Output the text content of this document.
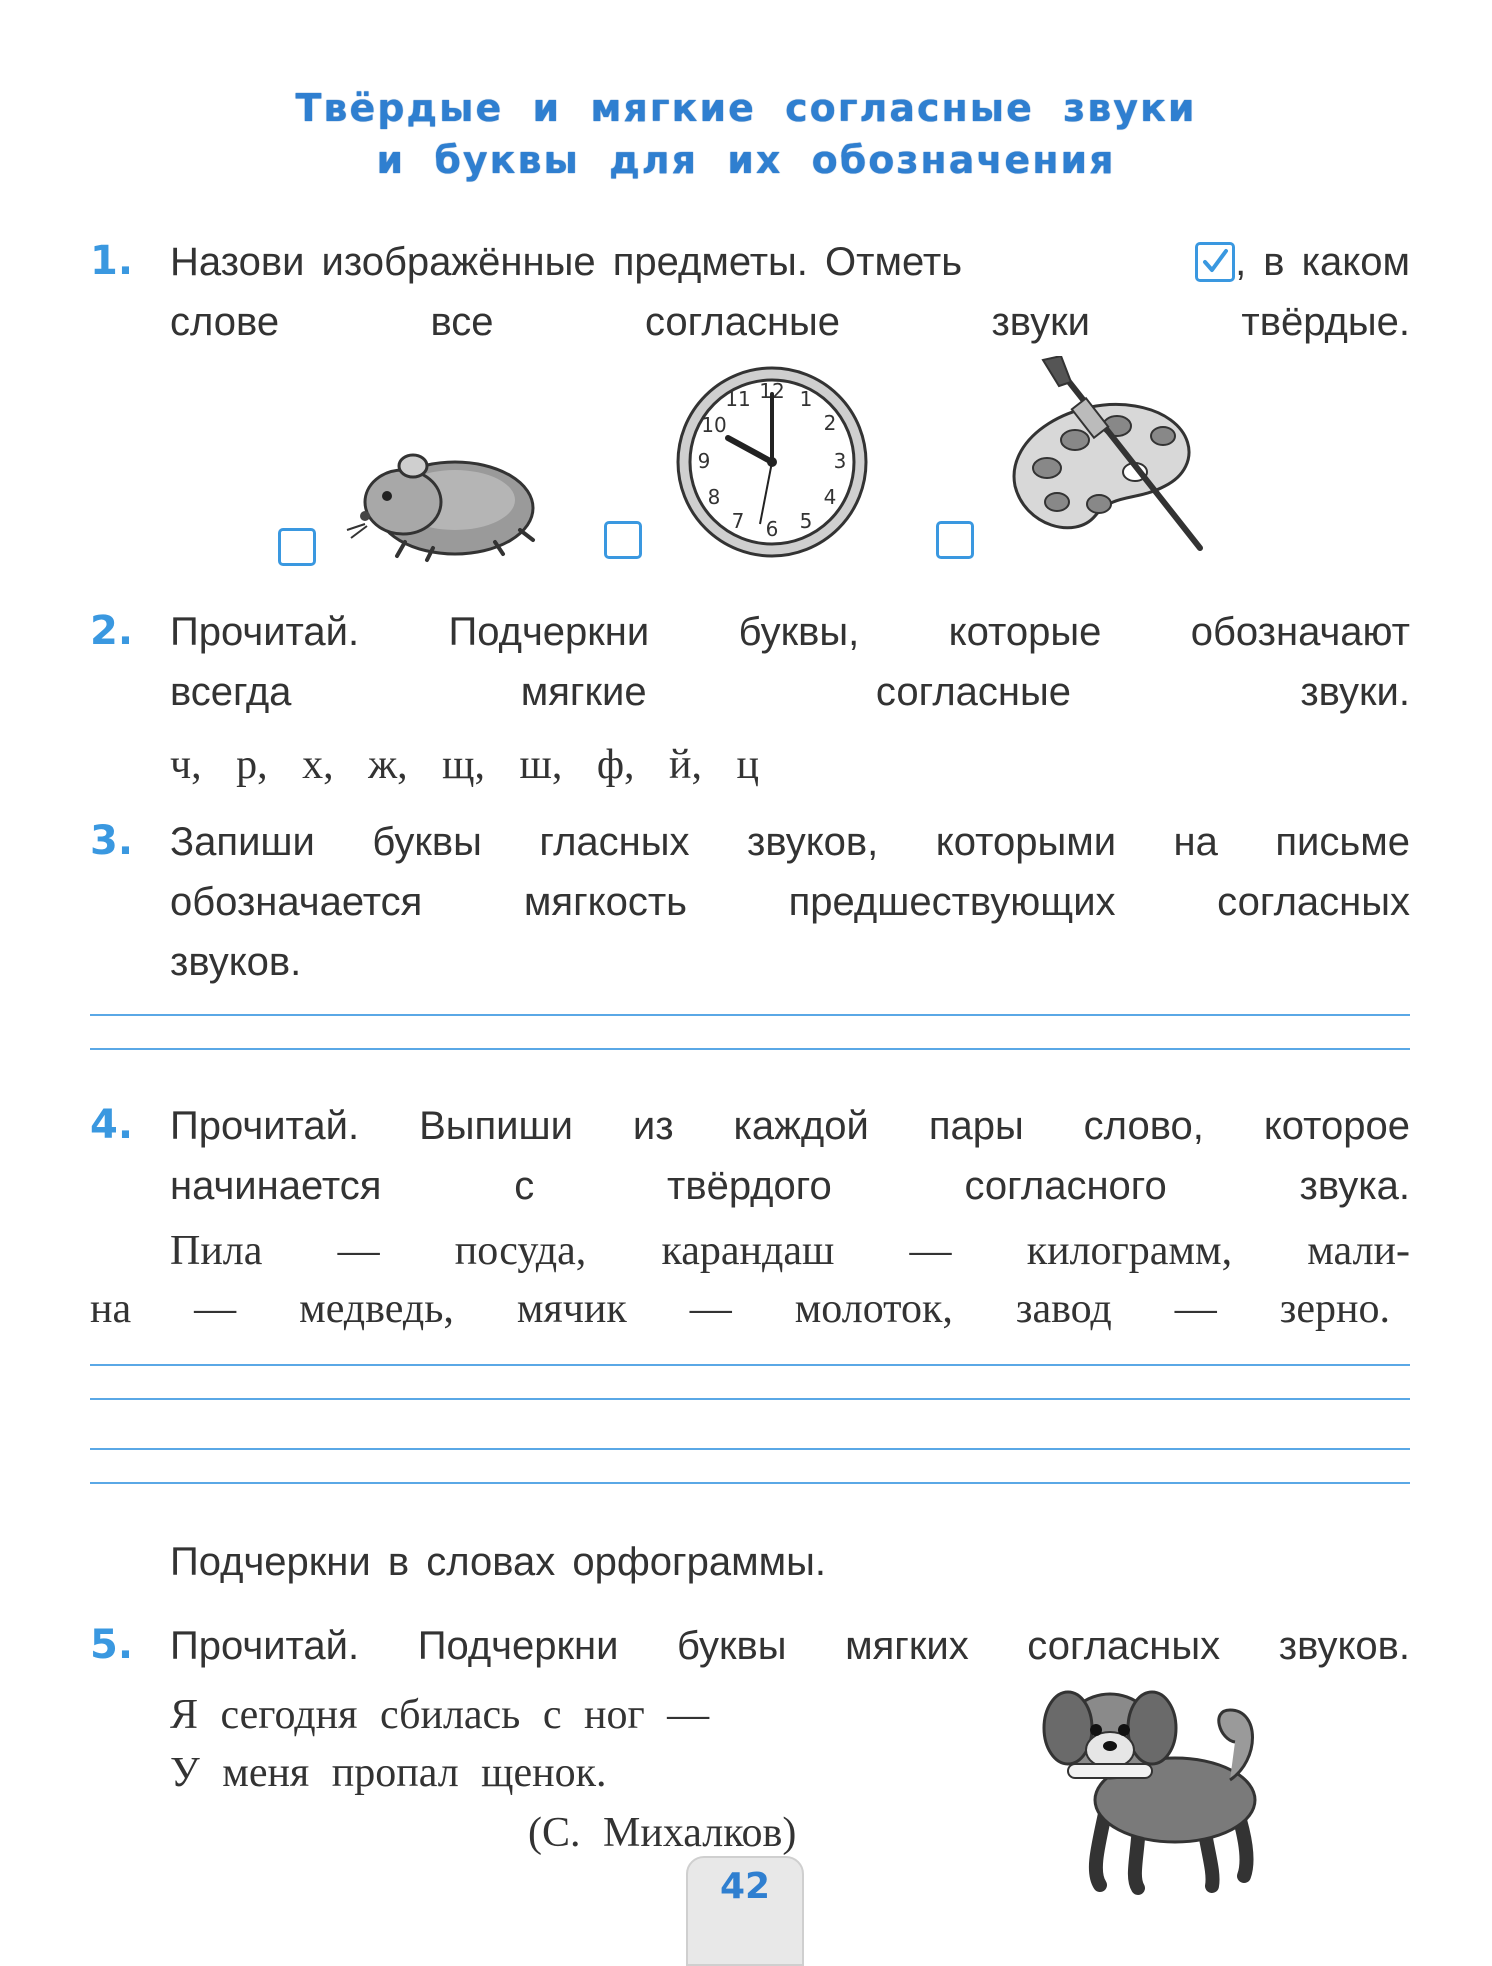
Твёрдые и мягкие согласные звуки
и буквы для их обозначения
1. Назови изображённые предметы. Отметь	, в каком
слове все согласные звуки твёрдые.
12 1
2
3
4
5
6
7
8
9
10
11
2. Прочитай. Подчеркни буквы, которые обозначают
всегда мягкие согласные звуки.
ч, р, х, ж, щ, ш, ф, й, ц
3. Запиши буквы гласных звуков, которыми на письме
обозначается мягкость предшествующих согласных
звуков.
4. Прочитай. Выпиши из каждой пары слово, которое
начинается с твёрдого согласного звука.
Пила — посуда, карандаш — килограмм, мали-
на — медведь, мячик — молоток, завод — зерно.
Подчеркни в словах орфограммы.
5. Прочитай. Подчеркни буквы мягких согласных звуков.
Я сегодня сбилась с ног —
У меня пропал щенок.
(С. Михалков)
42
